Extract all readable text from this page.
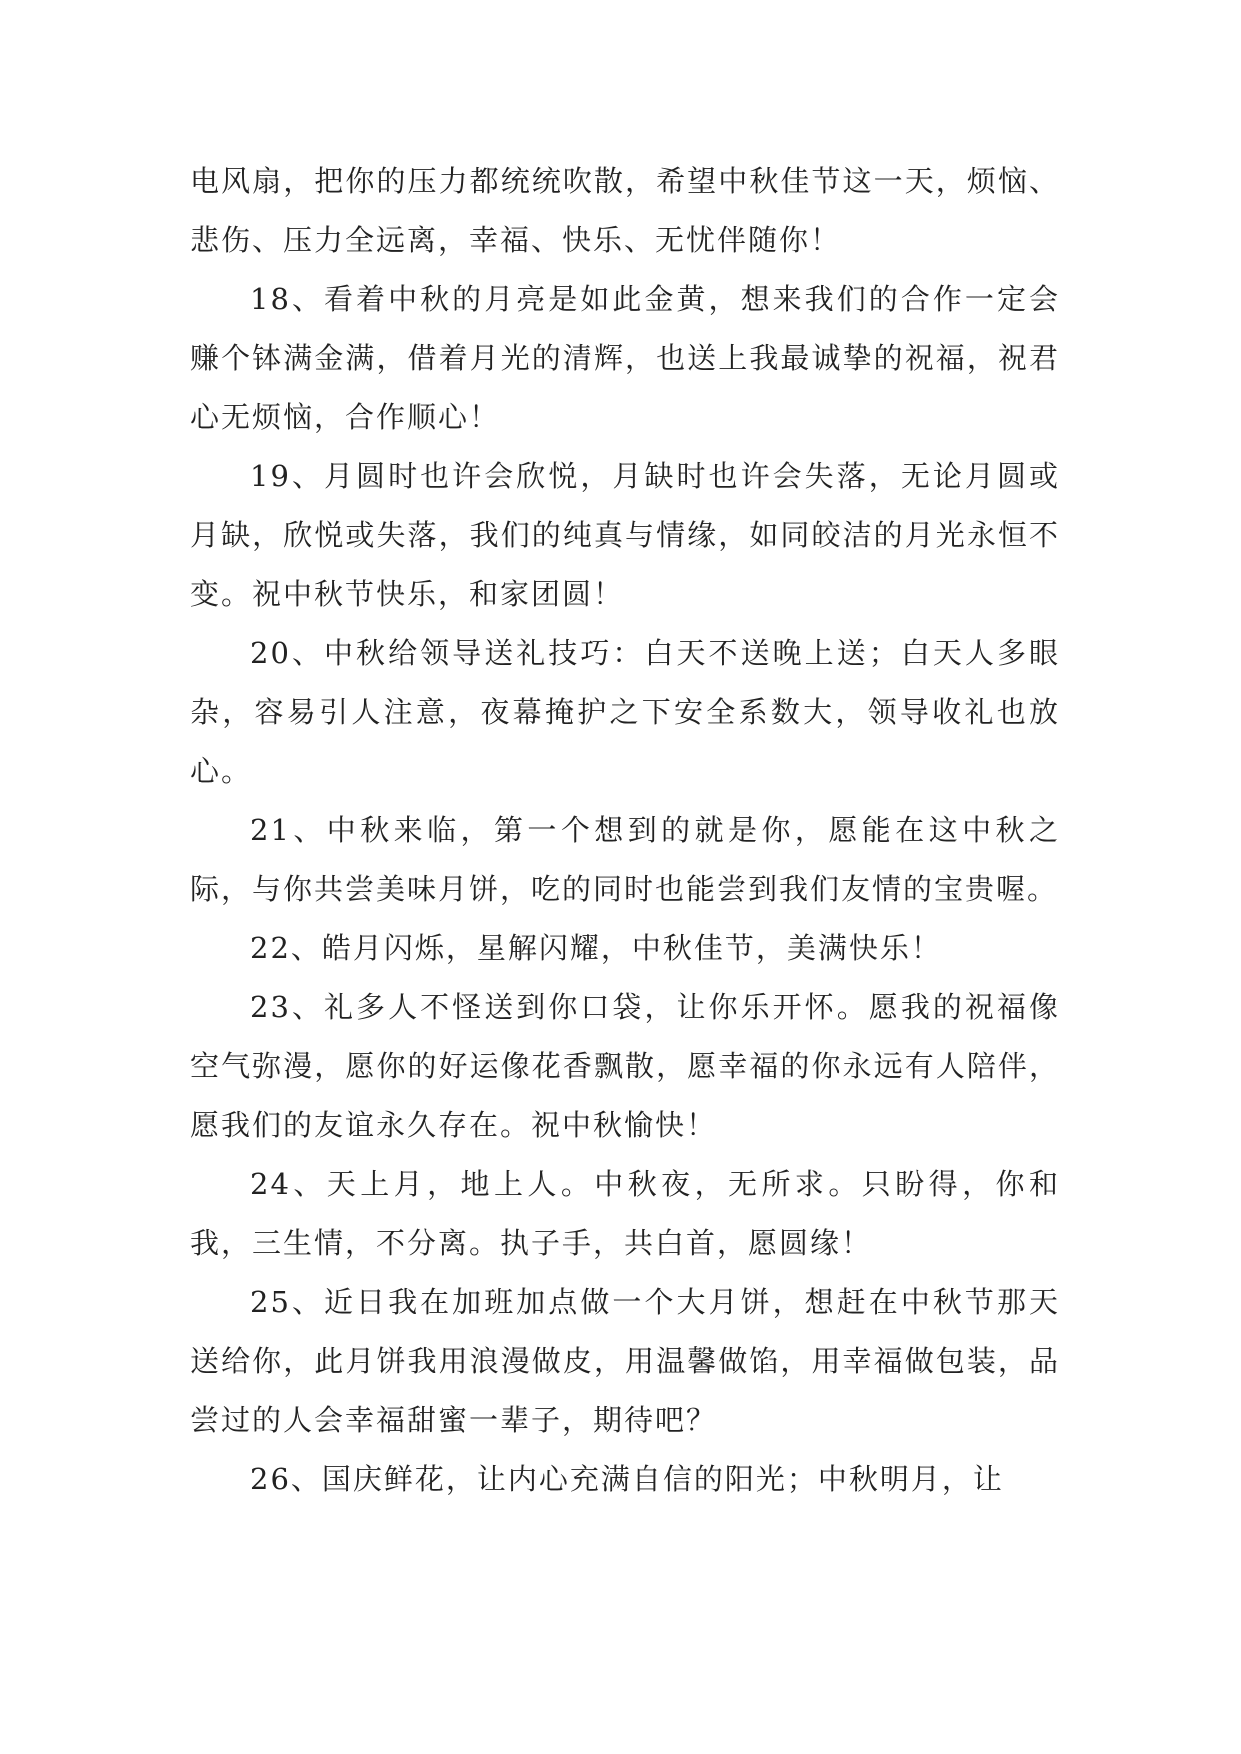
电风扇，把你的压力都统统吹散，希望中秋佳节这一天，烦恼、悲伤、压力全远离，幸福、快乐、无忧伴随你！

18、看着中秋的月亮是如此金黄，想来我们的合作一定会赚个钵满金满，借着月光的清辉，也送上我最诚挚的祝福，祝君心无烦恼，合作顺心！

19、月圆时也许会欣悦，月缺时也许会失落，无论月圆或月缺，欣悦或失落，我们的纯真与情缘，如同皎洁的月光永恒不变。祝中秋节快乐，和家团圆！

20、中秋给领导送礼技巧：白天不送晚上送；白天人多眼杂，容易引人注意，夜幕掩护之下安全系数大，领导收礼也放心。

21、中秋来临，第一个想到的就是你，愿能在这中秋之际，与你共尝美味月饼，吃的同时也能尝到我们友情的宝贵喔。

22、皓月闪烁，星解闪耀，中秋佳节，美满快乐！

23、礼多人不怪送到你口袋，让你乐开怀。愿我的祝福像空气弥漫，愿你的好运像花香飘散，愿幸福的你永远有人陪伴，愿我们的友谊永久存在。祝中秋愉快！

24、天上月，地上人。中秋夜，无所求。只盼得，你和我，三生情，不分离。执子手，共白首，愿圆缘！

25、近日我在加班加点做一个大月饼，想赶在中秋节那天送给你，此月饼我用浪漫做皮，用温馨做馅，用幸福做包装，品尝过的人会幸福甜蜜一辈子，期待吧？

26、国庆鲜花，让内心充满自信的阳光；中秋明月，让
